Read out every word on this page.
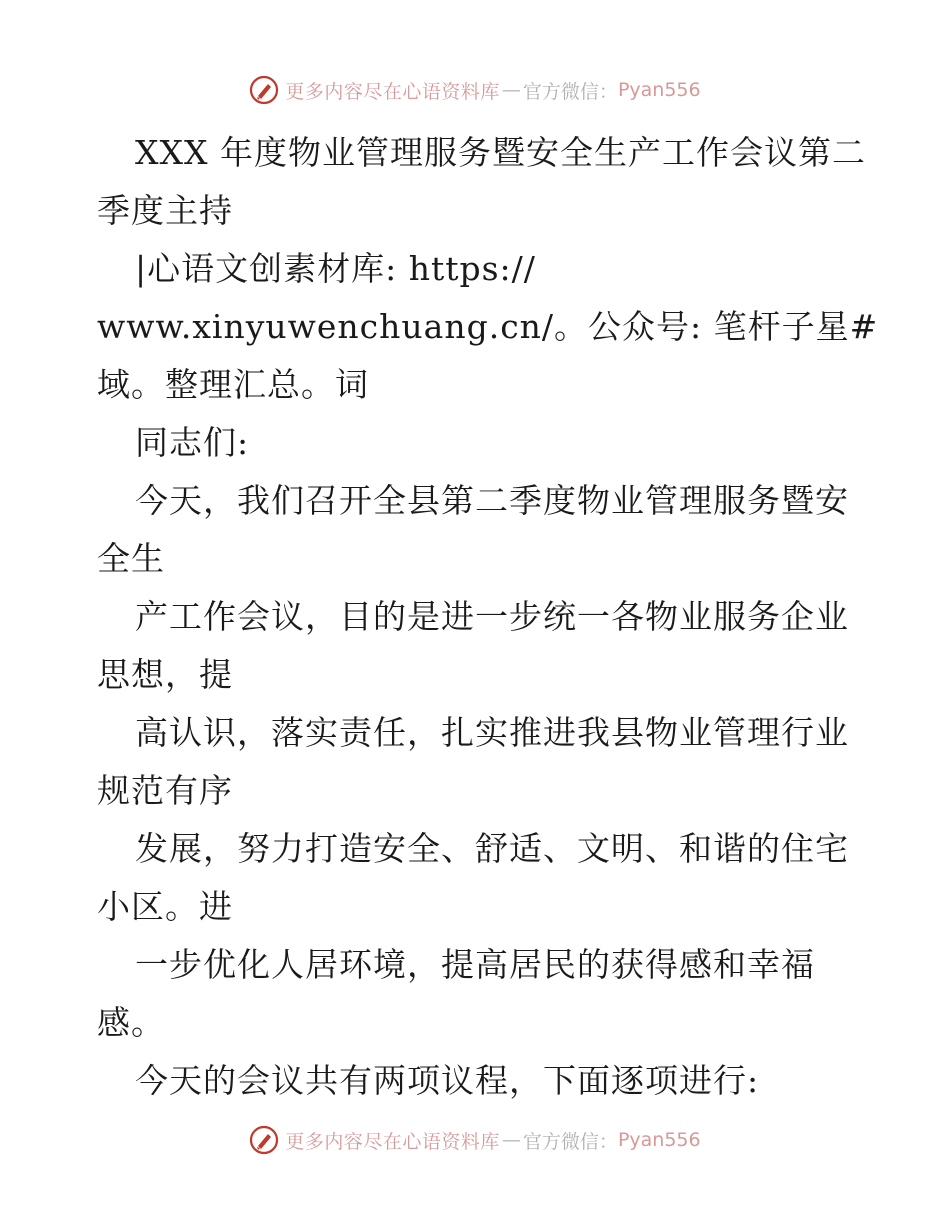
更多内容尽在心语资料库 — 官方微信： Pyan556
XXX 年度物业管理服务暨安全生产工作会议第二
季度主持
|心语文创素材库: https://
www.xinyuwenchuang.cn/。公众号: 笔杆子星#
域。整理汇总。词
同志们:
今天，我们召开全县第二季度物业管理服务暨安
全生
产工作会议，目的是进一步统一各物业服务企业
思想，提
高认识，落实责任，扎实推进我县物业管理行业
规范有序
发展，努力打造安全、舒适、文明、和谐的住宅
小区。进
一步优化人居环境，提高居民的获得感和幸福
感。
今天的会议共有两项议程，下面逐项进行:
更多内容尽在心语资料库 — 官方微信： Pyan556
